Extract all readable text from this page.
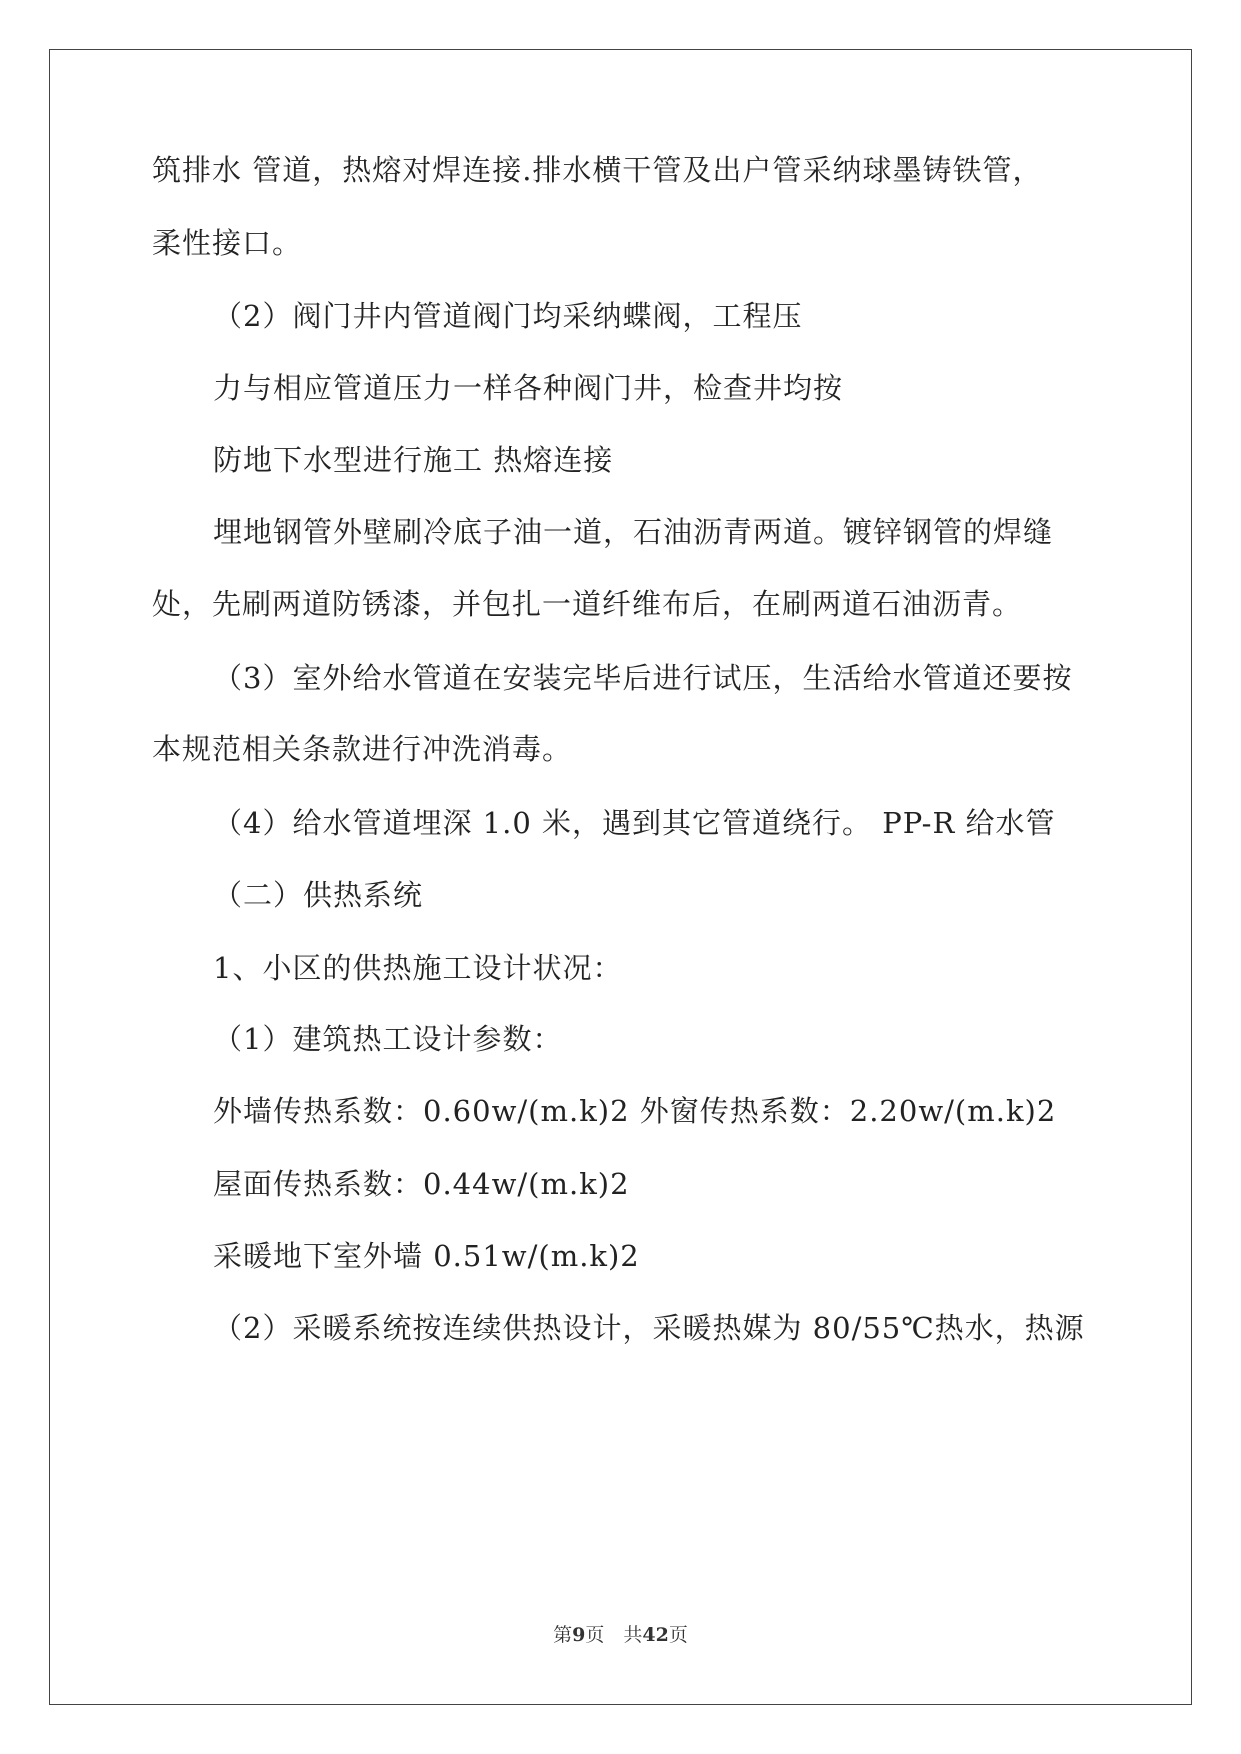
筑排水 管道，热熔对焊连接.排水横干管及出户管采纳球墨铸铁管，
柔性接口。
（2）阀门井内管道阀门均采纳蝶阀，工程压
力与相应管道压力一样各种阀门井，检查井均按
防地下水型进行施工 热熔连接
埋地钢管外壁刷冷底子油一道，石油沥青两道。镀锌钢管的焊缝
处，先刷两道防锈漆，并包扎一道纤维布后，在刷两道石油沥青。
（3）室外给水管道在安装完毕后进行试压，生活给水管道还要按
本规范相关条款进行冲洗消毒。
（4）给水管道埋深 1.0 米，遇到其它管道绕行。 PP-R 给水管
（二）供热系统
1、小区的供热施工设计状况：
（1）建筑热工设计参数：
外墙传热系数：0.60w/(m.k)2 外窗传热系数：2.20w/(m.k)2
屋面传热系数：0.44w/(m.k)2
采暖地下室外墙 0.51w/(m.k)2
（2）采暖系统按连续供热设计，采暖热媒为 80/55℃热水，热源
第9页　共42页
